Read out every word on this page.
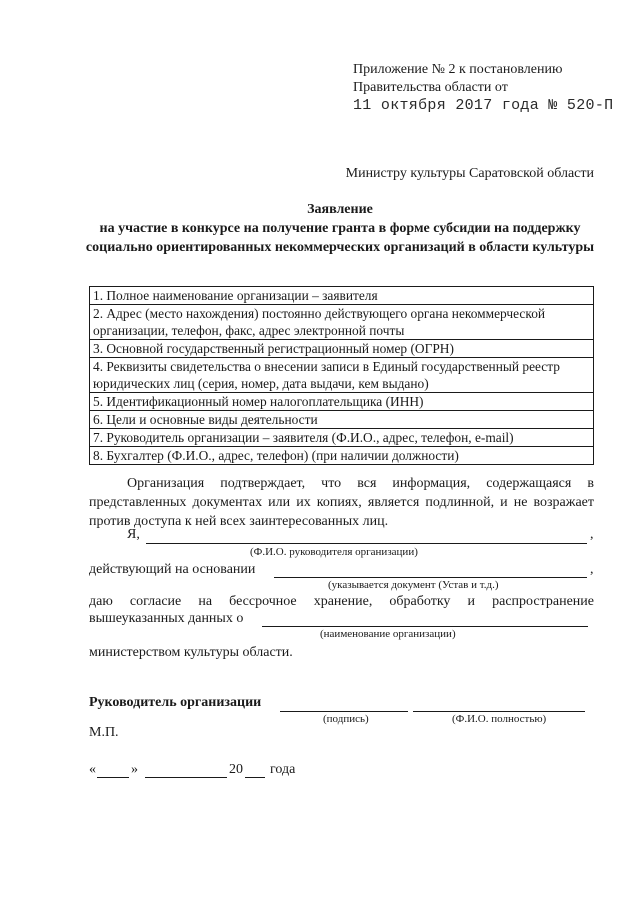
Приложение № 2 к постановлению
Правительства области от
11 октября 2017 года № 520-П
Министру культуры Саратовской области
Заявление
на участие в конкурсе на получение гранта в форме субсидии на поддержку социально ориентированных некоммерческих организаций в области культуры
1. Полное наименование организации – заявителя
2. Адрес (место нахождения) постоянно действующего органа некоммерческой организации, телефон, факс, адрес электронной почты
3. Основной государственный регистрационный номер (ОГРН)
4. Реквизиты свидетельства о внесении записи в Единый государственный реестр юридических лиц (серия, номер, дата выдачи, кем выдано)
5. Идентификационный номер налогоплательщика (ИНН)
6. Цели и основные виды деятельности
7. Руководитель организации – заявителя (Ф.И.О., адрес, телефон, e-mail)
8. Бухгалтер (Ф.И.О., адрес, телефон) (при наличии должности)
Организация подтверждает, что вся информация, содержащаяся в представленных документах или их копиях, является подлинной, и не возражает против доступа к ней всех заинтересованных лиц.
Я,	,
(Ф.И.О. руководителя организации)
действующий на основании	,
(указывается документ (Устав и т.д.)
даю согласие на бессрочное хранение, обработку и распространение
вышеуказанных данных о
(наименование организации)
министерством культуры области.
Руководитель организации
(подпись)	(Ф.И.О. полностью)
М.П.
«	»	20 года
